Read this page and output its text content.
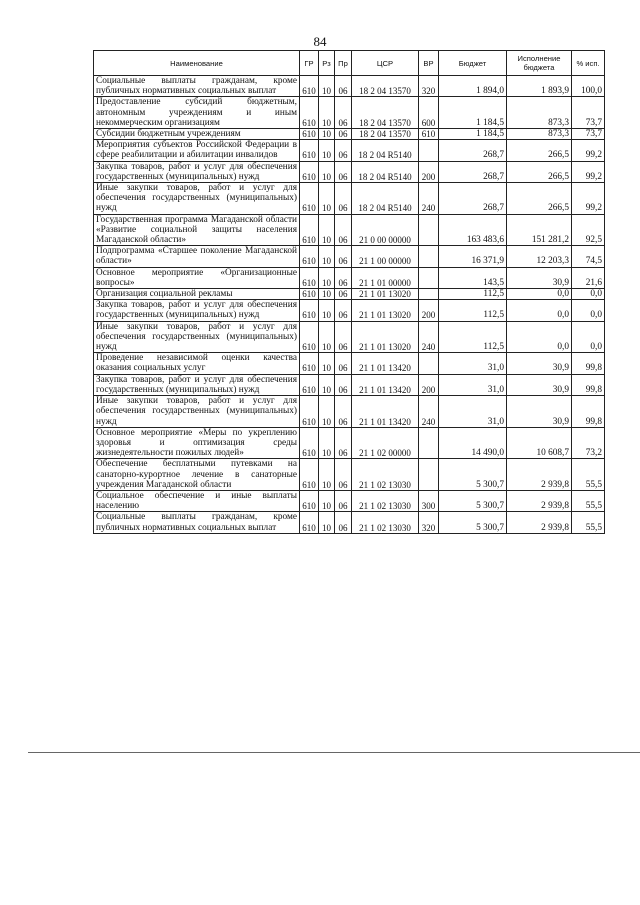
84
Наименование	ГР	Рз	Пр	ЦСР	ВР	Бюджет	Исполнение бюджета	% исп.
Социальные выплаты гражданам, кроме публичных нормативных социальных выплат	610	10	06	18 2 04 13570	320	1 894,0	1 893,9	100,0
Предоставление субсидий бюджетным, автономным учреждениям и иным некоммерческим организациям	610	10	06	18 2 04 13570	600	1 184,5	873,3	73,7
Субсидии бюджетным учреждениям	610	10	06	18 2 04 13570	610	1 184,5	873,3	73,7
Мероприятия субъектов Российской Федерации в сфере реабилитации и абилитации инвалидов	610	10	06	18 2 04 R5140		268,7	266,5	99,2
Закупка товаров, работ и услуг для обеспечения государственных (муниципальных) нужд	610	10	06	18 2 04 R5140	200	268,7	266,5	99,2
Иные закупки товаров, работ и услуг для обеспечения государственных (муниципальных) нужд	610	10	06	18 2 04 R5140	240	268,7	266,5	99,2
Государственная программа Магаданской области «Развитие социальной защиты населения Магаданской области»	610	10	06	21 0 00 00000		163 483,6	151 281,2	92,5
Подпрограмма «Старшее поколение Магаданской области»	610	10	06	21 1 00 00000		16 371,9	12 203,3	74,5
Основное мероприятие «Организационные вопросы»	610	10	06	21 1 01 00000		143,5	30,9	21,6
Организация социальной рекламы	610	10	06	21 1 01 13020		112,5	0,0	0,0
Закупка товаров, работ и услуг для обеспечения государственных (муниципальных) нужд	610	10	06	21 1 01 13020	200	112,5	0,0	0,0
Иные закупки товаров, работ и услуг для обеспечения государственных (муниципальных) нужд	610	10	06	21 1 01 13020	240	112,5	0,0	0,0
Проведение независимой оценки качества оказания социальных услуг	610	10	06	21 1 01 13420		31,0	30,9	99,8
Закупка товаров, работ и услуг для обеспечения государственных (муниципальных) нужд	610	10	06	21 1 01 13420	200	31,0	30,9	99,8
Иные закупки товаров, работ и услуг для обеспечения государственных (муниципальных) нужд	610	10	06	21 1 01 13420	240	31,0	30,9	99,8
Основное мероприятие «Меры по укреплению здоровья и оптимизация среды жизнедеятельности пожилых людей»	610	10	06	21 1 02 00000		14 490,0	10 608,7	73,2
Обеспечение бесплатными путевками на санаторно-курортное лечение в санаторные учреждения Магаданской области	610	10	06	21 1 02 13030		5 300,7	2 939,8	55,5
Социальное обеспечение и иные выплаты населению	610	10	06	21 1 02 13030	300	5 300,7	2 939,8	55,5
Социальные выплаты гражданам, кроме публичных нормативных социальных выплат	610	10	06	21 1 02 13030	320	5 300,7	2 939,8	55,5
